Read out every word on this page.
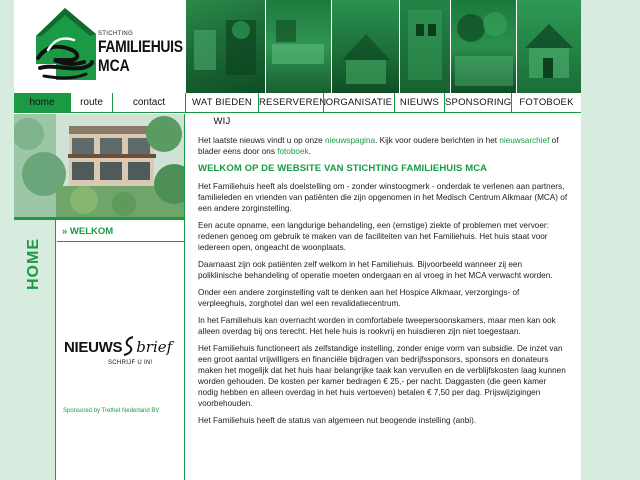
STICHTING
FAMILIEHUIS
MCA
home	route	contact	WAT BIEDEN WIJ
RESERVEREN ORGANISATIE NIEUWS SPONSORING FOTOBOEK
HOME
» WELKOM
NIEUWS brief
SCHRIJF U IN!
Sponsored by Trethet Nederland BV

Het laatste nieuws vindt u op onze nieuwspagina. Kijk voor oudere berichten in het nieuwsarchief of blader eens door ons fotoboek.

WELKOM OP DE WEBSITE VAN STICHTING FAMILIEHUIS MCA

Het Familiehuis heeft als doelstelling om - zonder winstoogmerk - onderdak te verlenen aan partners, familieleden en vrienden van patiënten die zijn opgenomen in het Medisch Centrum Alkmaar (MCA) of een andere zorginstelling.

Een acute opname, een langdurige behandeling, een (ernstige) ziekte of problemen met vervoer: redenen genoeg om gebruik te maken van de faciliteiten van het Familiehuis. Het huis staat voor iedereen open, ongeacht de woonplaats.

Daarnaast zijn ook patiënten zelf welkom in het Familiehuis. Bijvoorbeeld wanneer zij een poliklinische behandeling of operatie moeten ondergaan en al vroeg in het MCA verwacht worden.

Onder een andere zorginstelling valt te denken aan het Hospice Alkmaar, verzorgings- of verpleeghuis, zorghotel dan wel een revalidatiecentrum.

In het Familiehuis kan overnacht worden in comfortabele tweepersoonskamers, maar men kan ook alleen overdag bij ons terecht. Het hele huis is rookvrij en huisdieren zijn niet toegestaan.

Het Familiehuis functioneert als zelfstandige instelling, zonder enige vorm van subsidie. De inzet van een groot aantal vrijwilligers en financiële bijdragen van bedrijfssponsors, sponsors en donateurs maken het mogelijk dat het huis haar belangrijke taak kan vervullen en de verblijfskosten laag kunnen worden gehouden. De kosten per kamer bedragen € 25,- per nacht. Daggasten (die geen kamer nodig hebben en alleen overdag in het huis vertoeven) betalen € 7,50 per dag. Prijswijzigingen voorbehouden.

Het Familiehuis heeft de status van algemeen nut beogende instelling (anbi).
